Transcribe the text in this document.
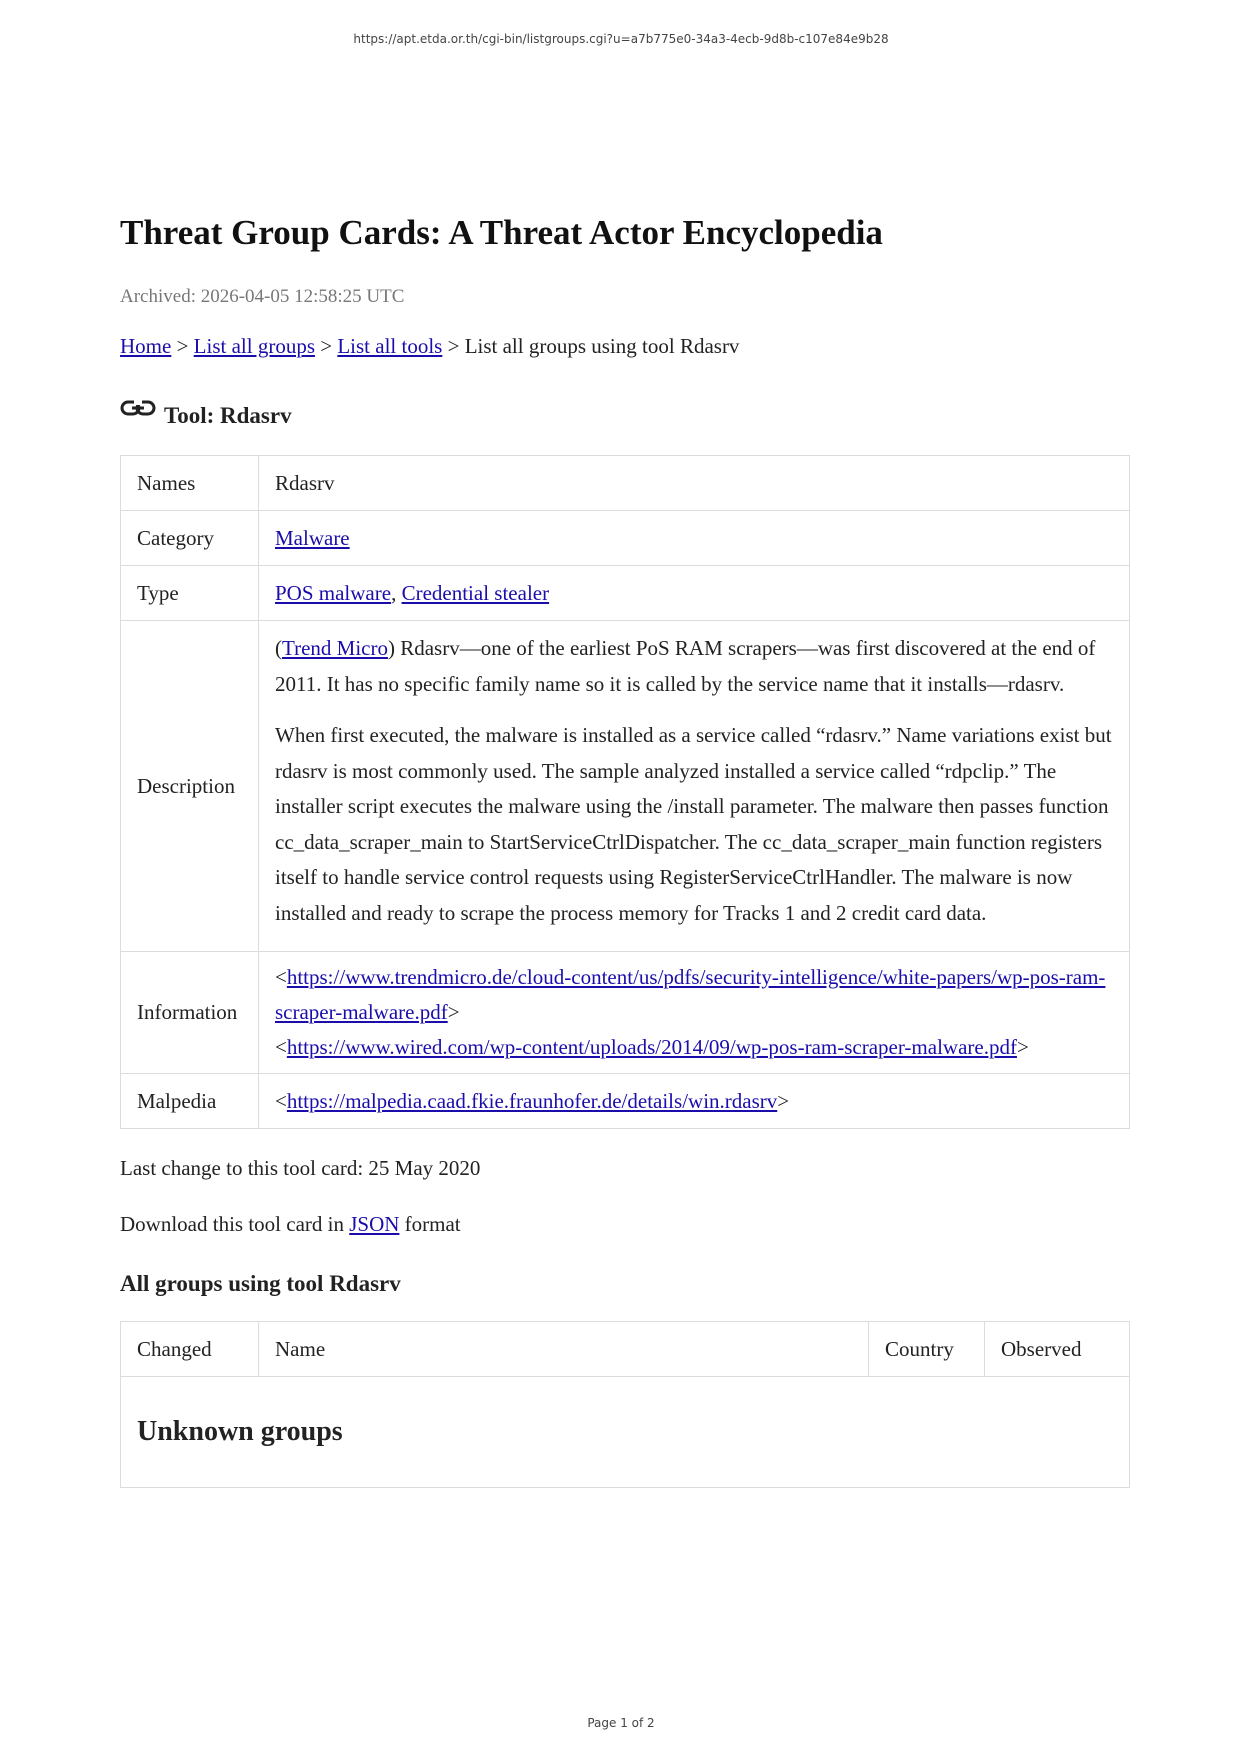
https://apt.etda.or.th/cgi-bin/listgroups.cgi?u=a7b775e0-34a3-4ecb-9d8b-c107e84e9b28
Threat Group Cards: A Threat Actor Encyclopedia
Archived: 2026-04-05 12:58:25 UTC
Home > List all groups > List all tools > List all groups using tool Rdasrv
Tool: Rdasrv
Names	Rdasrv
Category	Malware
Type	POS malware, Credential stealer
Description	(Trend Micro) Rdasrv—one of the earliest PoS RAM scrapers—was first discovered at the end of 2011. It has no specific family name so it is called by the service name that it installs—rdasrv.

When first executed, the malware is installed as a service called “rdasrv.” Name variations exist but rdasrv is most commonly used. The sample analyzed installed a service called “rdpclip.” The installer script executes the malware using the /install parameter. The malware then passes function cc_data_scraper_main to StartServiceCtrlDispatcher. The cc_data_scraper_main function registers itself to handle service control requests using RegisterServiceCtrlHandler. The malware is now installed and ready to scrape the process memory for Tracks 1 and 2 credit card data.

Information	<https://www.trendmicro.de/cloud-content/us/pdfs/security-intelligence/white-papers/wp-pos-ram-scraper-malware.pdf>
<https://www.wired.com/wp-content/uploads/2014/09/wp-pos-ram-scraper-malware.pdf>

Malpedia	<https://malpedia.caad.fkie.fraunhofer.de/details/win.rdasrv>
Last change to this tool card: 25 May 2020
Download this tool card in JSON format
All groups using tool Rdasrv
Changed	Name	Country	Observed
Unknown groups
Page 1 of 2
